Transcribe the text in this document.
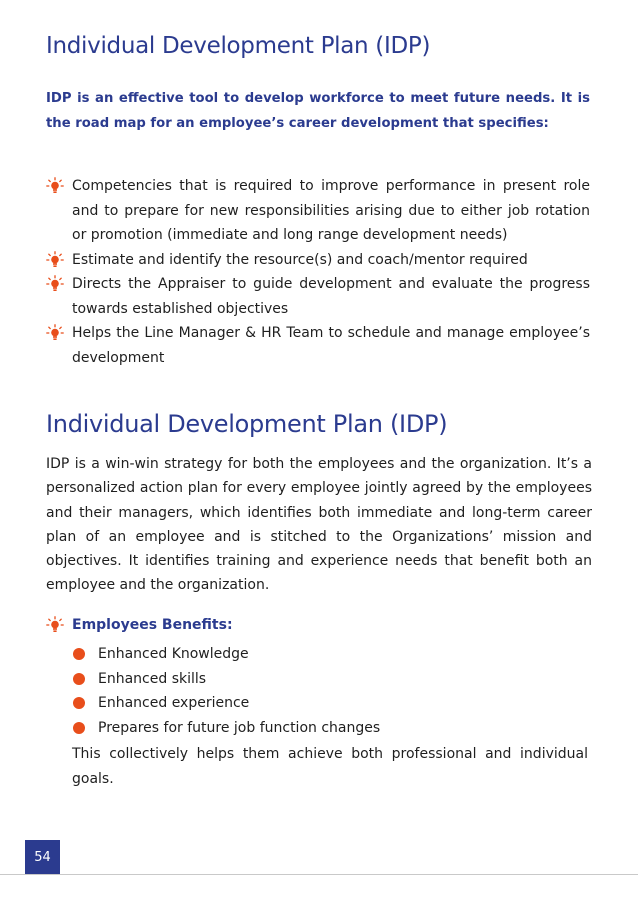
Individual Development Plan (IDP)

IDP is an effective tool to develop workforce to meet future needs. It is the road map for an employee’s career development that specifies:

Competencies that is required to improve performance in present role and to prepare for new responsibilities arising due to either job rotation or promotion (immediate and long range development needs)
Estimate and identify the resource(s) and coach/mentor required
Directs the Appraiser to guide development and evaluate the progress towards established objectives
Helps the Line Manager & HR Team to schedule and manage employee’s development
Individual Development Plan (IDP)

IDP is a win-win strategy for both the employees and the organization. It’s a personalized action plan for every employee jointly agreed by the employees and their managers, which identifies both immediate and long-term career plan of an employee and is stitched to the Organizations’ mission and objectives. It identifies training and experience needs that benefit both an employee and the organization.

Employees Benefits:

Enhanced Knowledge
Enhanced skills
Enhanced experience
Prepares for future job function changes

This collectively helps them achieve both professional and individual goals.

54
